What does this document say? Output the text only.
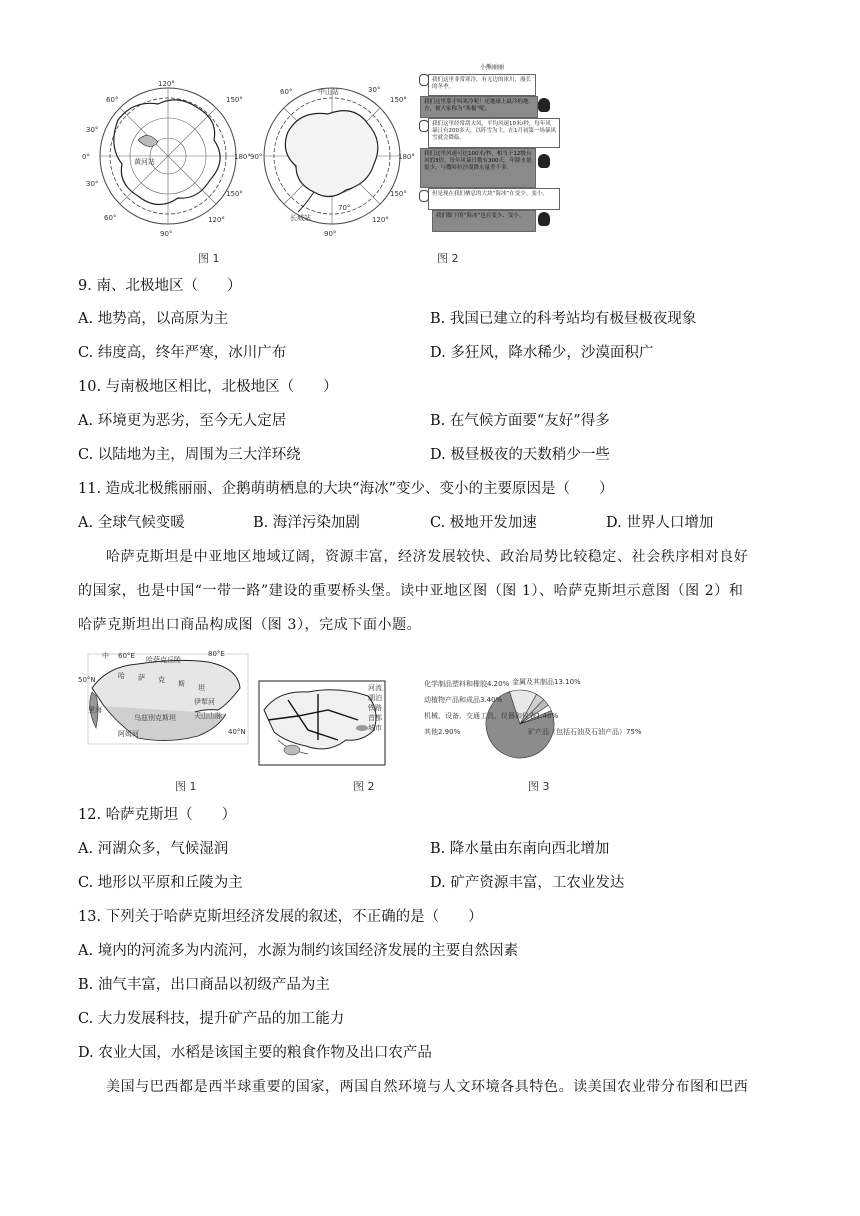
黄河站
60°
30°
0°
30°
60°
120°
150°
180°
150°
120°
90°
图 1
中山站
长城站
60°	30°
90°
150°
180°
150°
120°
90°
70°
小熊丽丽
我们这里非常寒冷，有无边的冰川，漫长的冬季。
我们这里那才叫寒冷呢！还地球上最冷的地方，被大家称为“寒极”呢。
我们这里经常刮大风，平均风速10米/秒，每年风暴日有200多天，以阵雪为主，在1月初第一场暴风雪就会降临。
我们这里风速可达100米/秒，相当于12级台风的3倍，每年风暴日数有300天，年降水量很少，与撒哈拉沙漠降水量差不多。
但是现在我们栖息的大块“海冰”在变少、变小。
我们脚下的“海冰”也在变少、变小。
图 2
9. 南、北极地区（　　）
A. 地势高，以高原为主	B. 我国已建立的科考站均有极昼极夜现象
C. 纬度高，终年严寒，冰川广布	D. 多狂风，降水稀少，沙漠面积广
10. 与南极地区相比，北极地区（　　）
A. 环境更为恶劣，至今无人定居	B. 在气候方面要“友好”得多
C. 以陆地为主，周围为三大洋环绕	D. 极昼极夜的天数稍少一些
11. 造成北极熊丽丽、企鹅萌萌栖息的大块“海冰”变少、变小的主要原因是（　　）
A. 全球气候变暖	B. 海洋污染加剧	C. 极地开发加速	D. 世界人口增加
哈萨克斯坦是中亚地区地域辽阔，资源丰富，经济发展较快、政治局势比较稳定、社会秩序相对良好
的国家，也是中国“一带一路”建设的重要桥头堡。读中亚地区图（图 1）、哈萨克斯坦示意图（图 2）和
哈萨克斯坦出口商品构成图（图 3），完成下面小题。
50°N
中 60°E 哈萨克丘陵
80°E
哈 萨 克 斯 坦
乌兹别克斯坦
里海
阿姆河
伊犁河
天山山脉
40°N
图 1
河流
湖泊
铁路
首都
城市
图 2
金属及其制品13.10%
化学制品塑料和橡胶4.20%
动植物产品和成品3.40%
机械、设备、交通工具、仪器和仪表1.40%
其他2.90%	矿产品（包括石油及石油产品）75%
图 3
12. 哈萨克斯坦（　　）
A. 河湖众多，气候湿润	B. 降水量由东南向西北增加
C. 地形以平原和丘陵为主	D. 矿产资源丰富，工农业发达
13. 下列关于哈萨克斯坦经济发展的叙述，不正确的是（　　）
A. 境内的河流多为内流河，水源为制约该国经济发展的主要自然因素
B. 油气丰富，出口商品以初级产品为主
C. 大力发展科技，提升矿产品的加工能力
D. 农业大国，水稻是该国主要的粮食作物及出口农产品
美国与巴西都是西半球重要的国家，两国自然环境与人文环境各具特色。读美国农业带分布图和巴西
